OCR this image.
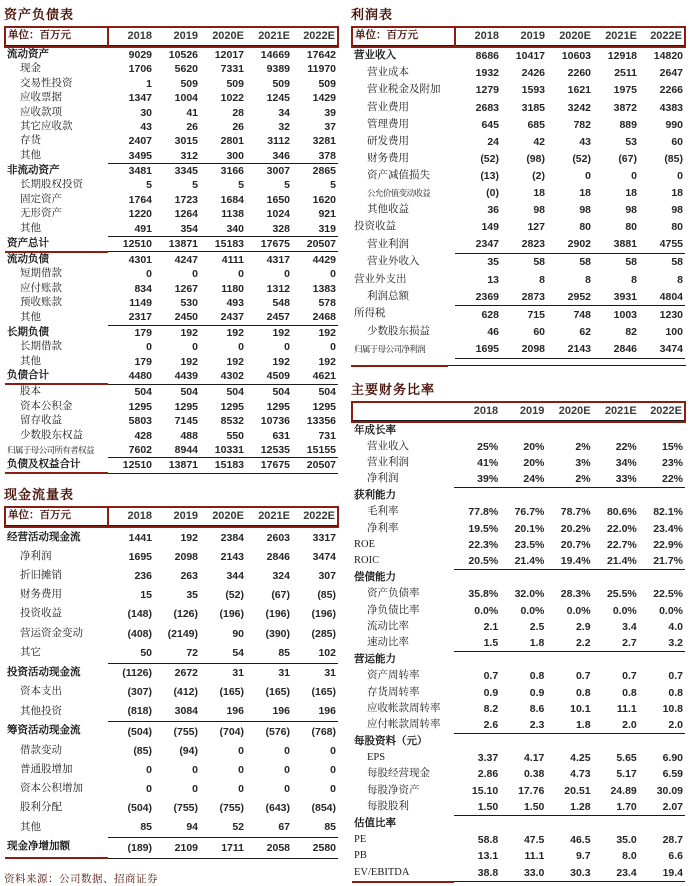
资产负债表
单位：百万元	2018	2019	2020E	2021E	2022E
流动资产	9029	10526	12017	14669	17642
现金	1706	5620	7331	9389	11970
交易性投资	1	509	509	509	509
应收票据	1347	1004	1022	1245	1429
应收款项	30	41	28	34	39
其它应收款	43	26	26	32	37
存货	2407	3015	2801	3112	3281
其他	3495	312	300	346	378
非流动资产	3481	3345	3166	3007	2865
长期股权投资	5	5	5	5	5
固定资产	1764	1723	1684	1650	1620
无形资产	1220	1264	1138	1024	921
其他	491	354	340	328	319
资产总计	12510	13871	15183	17675	20507
流动负债	4301	4247	4111	4317	4429
短期借款	0	0	0	0	0
应付账款	834	1267	1180	1312	1383
预收账款	1149	530	493	548	578
其他	2317	2450	2437	2457	2468
长期负债	179	192	192	192	192
长期借款	0	0	0	0	0
其他	179	192	192	192	192
负债合计	4480	4439	4302	4509	4621
股本	504	504	504	504	504
资本公积金	1295	1295	1295	1295	1295
留存收益	5803	7145	8532	10736	13356
少数股东权益	428	488	550	631	731
归属于母公司所有者权益	7602	8944	10331	12535	15155
负债及权益合计	12510	13871	15183	17675	20507
现金流量表
单位：百万元	2018	2019	2020E	2021E	2022E
经营活动现金流	1441	192	2384	2603	3317
净利润	1695	2098	2143	2846	3474
折旧摊销	236	263	344	324	307
财务费用	15	35	(52)	(67)	(85)
投资收益	(148)	(126)	(196)	(196)	(196)
营运资金变动	(408)	(2149)	90	(390)	(285)
其它	50	72	54	85	102
投资活动现金流	(1126)	2672	31	31	31
资本支出	(307)	(412)	(165)	(165)	(165)
其他投资	(818)	3084	196	196	196
筹资活动现金流	(504)	(755)	(704)	(576)	(768)
借款变动	(85)	(94)	0	0	0
普通股增加	0	0	0	0	0
资本公积增加	0	0	0	0	0
股利分配	(504)	(755)	(755)	(643)	(854)
其他	85	94	52	67	85
现金净增加额	(189)	2109	1711	2058	2580
资料来源：公司数据、招商证券
利润表
单位：百万元	2018	2019	2020E	2021E	2022E
营业收入	8686	10417	10603	12918	14820
营业成本	1932	2426	2260	2511	2647
营业税金及附加	1279	1593	1621	1975	2266
营业费用	2683	3185	3242	3872	4383
管理费用	645	685	782	889	990
研发费用	24	42	43	53	60
财务费用	(52)	(98)	(52)	(67)	(85)
资产减值损失	(13)	(2)	0	0	0
公允价值变动收益	(0)	18	18	18	18
其他收益	36	98	98	98	98
投资收益	149	127	80	80	80
营业利润	2347	2823	2902	3881	4755
营业外收入	35	58	58	58	58
营业外支出	13	8	8	8	8
利润总额	2369	2873	2952	3931	4804
所得税	628	715	748	1003	1230
少数股东损益	46	60	62	82	100
归属于母公司净利润	1695	2098	2143	2846	3474
主要财务比率
	2018	2019	2020E	2021E	2022E
年成长率					
营业收入	25%	20%	2%	22%	15%
营业利润	41%	20%	3%	34%	23%
净利润	39%	24%	2%	33%	22%
获利能力					
毛利率	77.8%	76.7%	78.7%	80.6%	82.1%
净利率	19.5%	20.1%	20.2%	22.0%	23.4%
ROE	22.3%	23.5%	20.7%	22.7%	22.9%
ROIC	20.5%	21.4%	19.4%	21.4%	21.7%
偿债能力					
资产负债率	35.8%	32.0%	28.3%	25.5%	22.5%
净负债比率	0.0%	0.0%	0.0%	0.0%	0.0%
流动比率	2.1	2.5	2.9	3.4	4.0
速动比率	1.5	1.8	2.2	2.7	3.2
营运能力					
资产周转率	0.7	0.8	0.7	0.7	0.7
存货周转率	0.9	0.9	0.8	0.8	0.8
应收帐款周转率	8.2	8.6	10.1	11.1	10.8
应付帐款周转率	2.6	2.3	1.8	2.0	2.0
每股资料（元）					
EPS	3.37	4.17	4.25	5.65	6.90
每股经营现金	2.86	0.38	4.73	5.17	6.59
每股净资产	15.10	17.76	20.51	24.89	30.09
每股股利	1.50	1.50	1.28	1.70	2.07
估值比率					
PE	58.8	47.5	46.5	35.0	28.7
PB	13.1	11.1	9.7	8.0	6.6
EV/EBITDA	38.8	33.0	30.3	23.4	19.4
